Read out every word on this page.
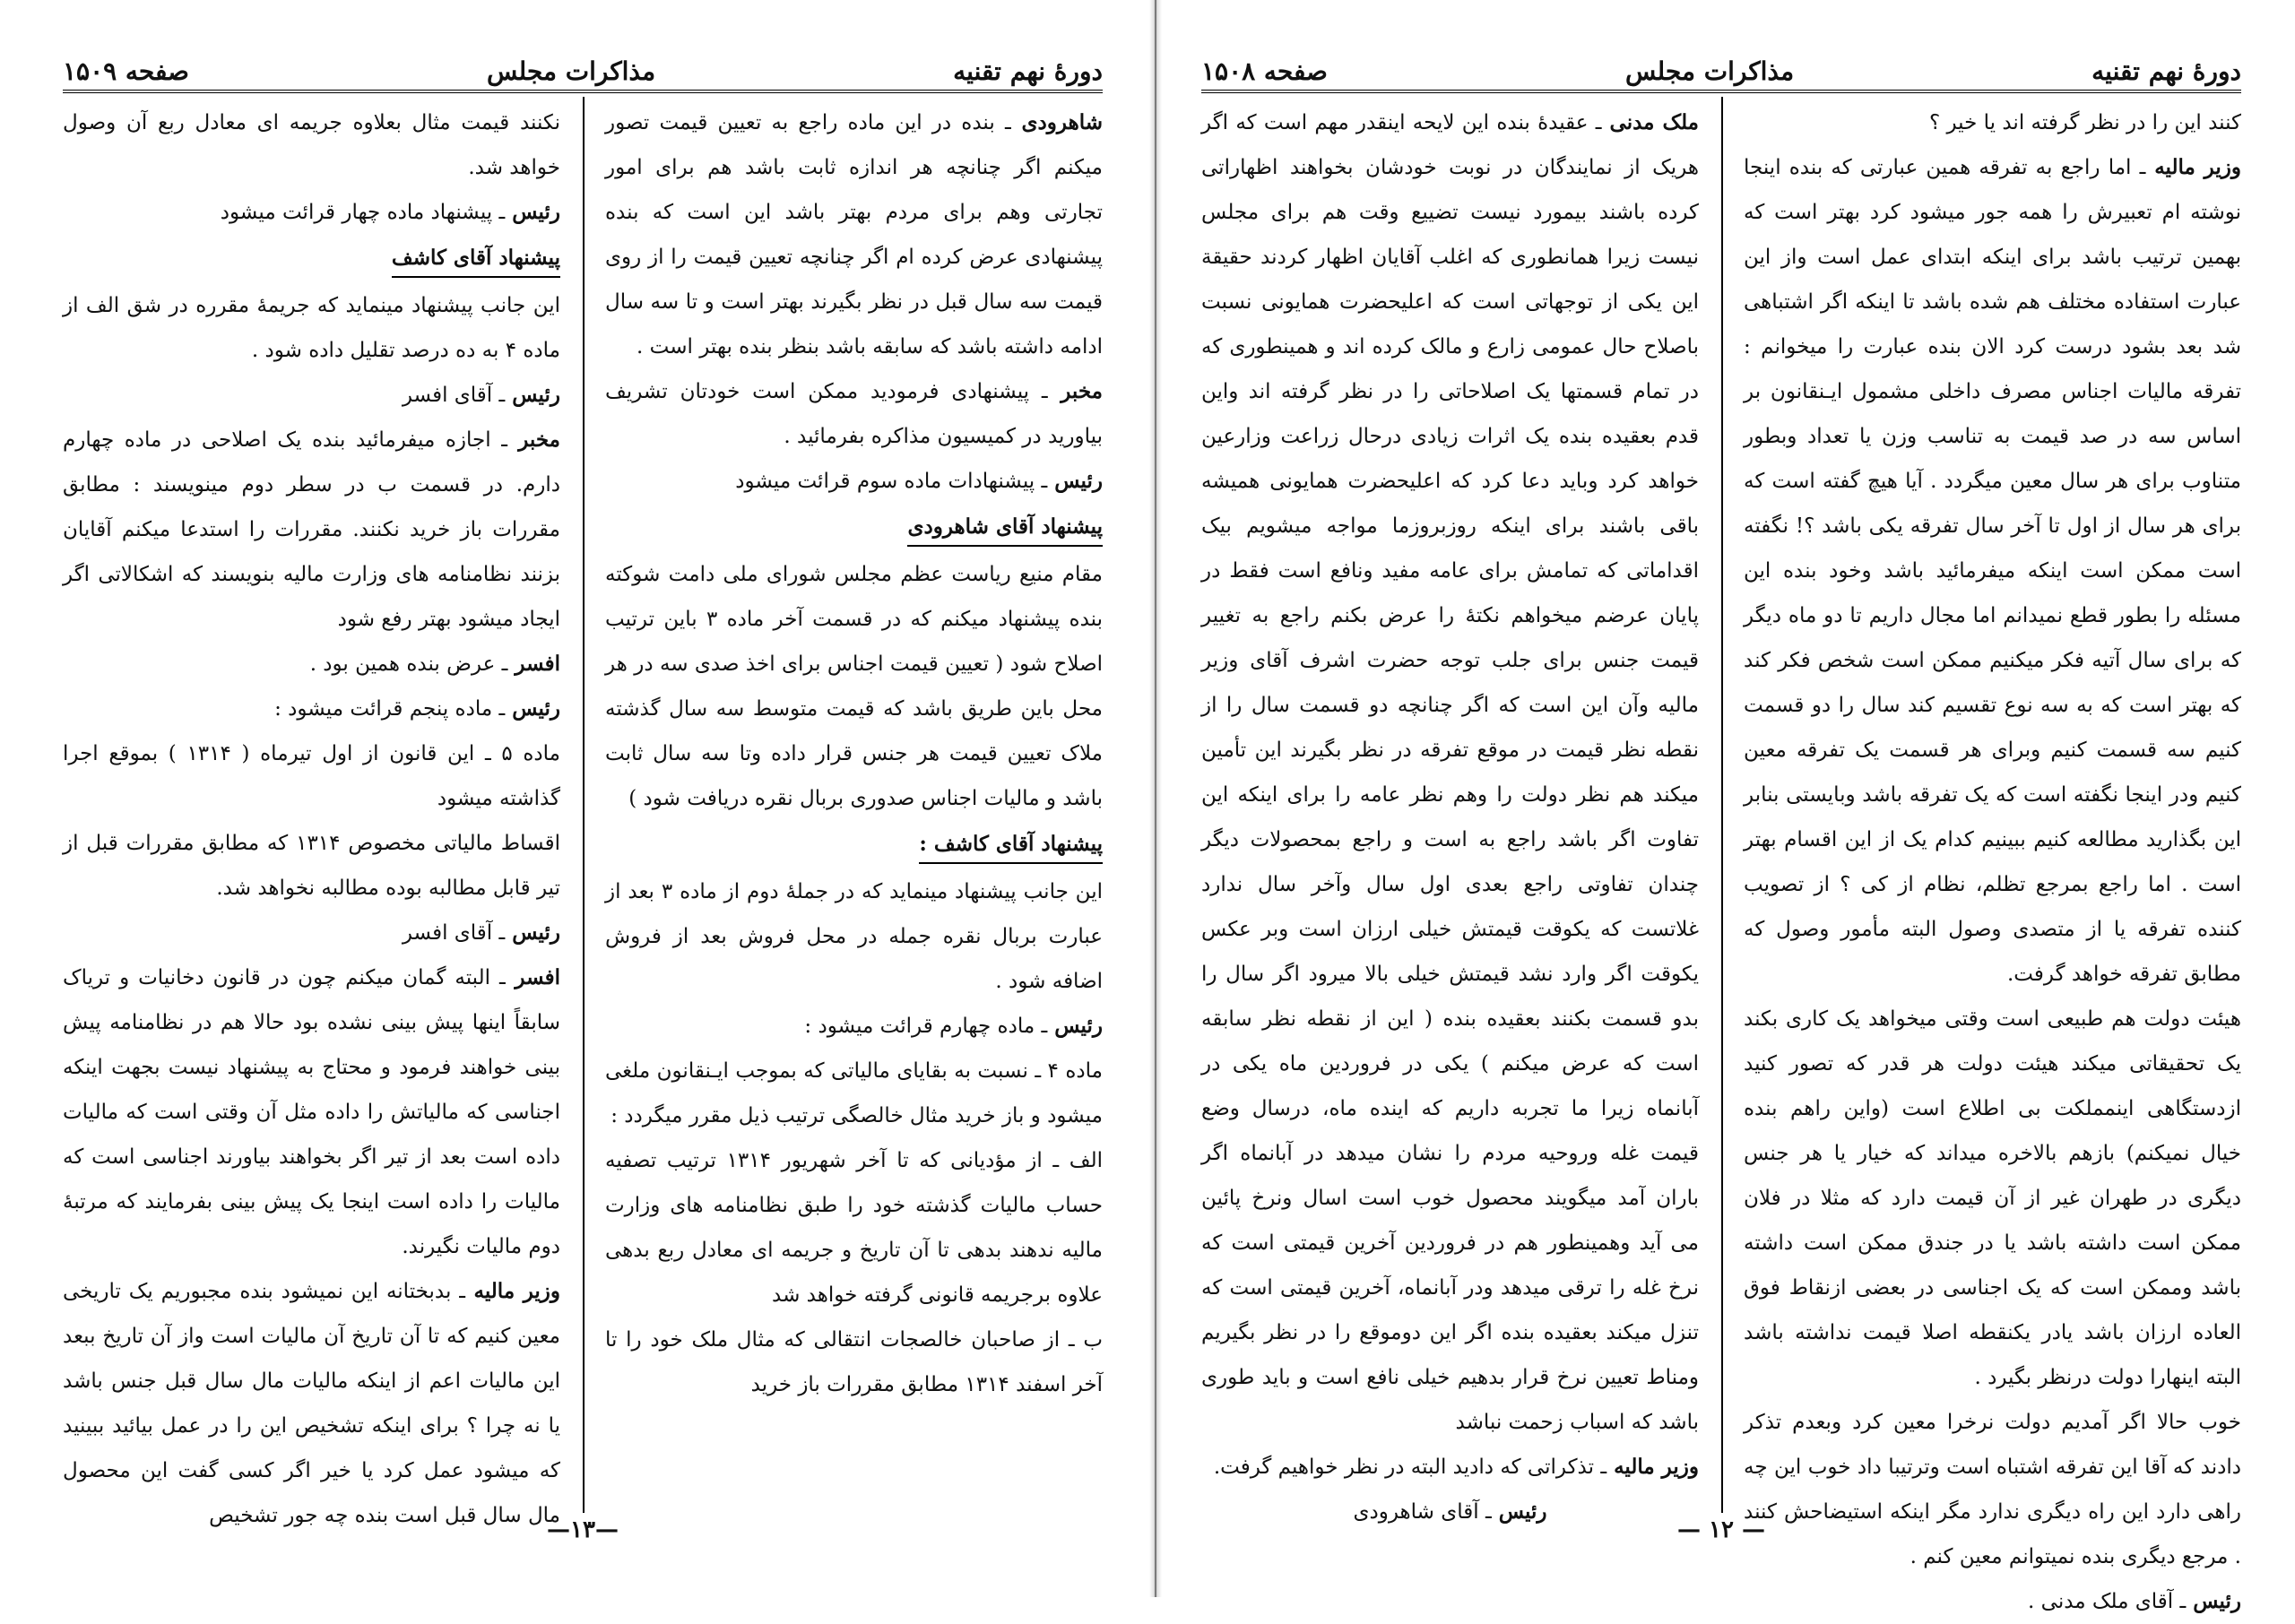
دورهٔ نهم تقنیه
مذاکرات مجلس
صفحه ۱۵۰۹

شاهرودی ـ بنده در این ماده راجع به تعیین قیمت تصور میکنم اگر چنانچه هر اندازه ثابت باشد هم برای امور تجارتی وهم برای مردم بهتر باشد این است که بنده پیشنهادی عرض کرده ام اگر چنانچه تعیین قیمت را از روی قیمت سه سال قبل در نظر بگیرند بهتر است و تا سه سال ادامه داشته باشد که سابقه باشد بنظر بنده بهتر است .

مخبر ـ پیشنهادی فرمودید ممکن است خودتان تشریف بیاورید در کمیسیون مذاکره بفرمائید .

رئیس ـ پیشنهادات ماده سوم قرائت میشود

پیشنهاد آقای شاهرودی

مقام منیع ریاست عظم مجلس شورای ملی دامت شوکته بنده پیشنهاد میکنم که در قسمت آخر ماده ۳ باین ترتیب اصلاح شود ( تعیین قیمت اجناس برای اخذ صدی سه در هر محل باین طریق باشد که قیمت متوسط سه سال گذشته ملاک تعیین قیمت هر جنس قرار داده وتا سه سال ثابت باشد و مالیات اجناس صدوری بربال نقره دریافت شود )

پیشنهاد آقای کاشف :

این جانب پیشنهاد مینماید که در جملهٔ دوم از ماده ۳ بعد از عبارت بربال نقره جمله در محل فروش بعد از فروش اضافه شود .

رئیس ـ ماده چهارم قرائت میشود :

ماده ۴ ـ نسبت به بقایای مالیاتی که بموجب ایـنقانون ملغی میشود و باز خرید مثال خالصگی ترتیب ذیل مقرر میگردد :

الف ـ از مؤدیانی که تا آخر شهریور ۱۳۱۴ ترتیب تصفیه حساب مالیات گذشته خود را طبق نظامنامه های وزارت مالیه ندهند بدهی تا آن تاریخ و جریمه ای معادل ربع بدهی علاوه برجریمه قانونی گرفته خواهد شد

ب ـ از صاحبان خالصجات انتقالی که مثال ملک خود را تا آخر اسفند ۱۳۱۴ مطابق مقررات باز خرید

نکنند قیمت مثال بعلاوه جریمه ای معادل ربع آن وصول خواهد شد.

رئیس ـ پیشنهاد ماده چهار قرائت میشود

پیشنهاد آقای کاشف

این جانب پیشنهاد مینماید که جریمهٔ مقرره در شق الف از ماده ۴ به ده درصد تقلیل داده شود .

رئیس ـ آقای افسر

مخبر ـ اجازه میفرمائید بنده یک اصلاحی در ماده چهارم دارم. در قسمت ب در سطر دوم مینویسند : مطابق مقررات باز خرید نکنند. مقررات را استدعا میکنم آقایان بزنند نظامنامه های وزارت مالیه بنویسند که اشکالاتی اگر ایجاد میشود بهتر رفع شود

افسر ـ عرض بنده همین بود .

رئیس ـ ماده پنجم قرائت میشود :

ماده ۵ ـ این قانون از اول تیرماه ( ۱۳۱۴ ) بموقع اجرا گذاشته میشود

اقساط مالیاتی مخصوص ۱۳۱۴ که مطابق مقررات قبل از تیر قابل مطالبه بوده مطالبه نخواهد شد.

رئیس ـ آقای افسر

افسر ـ البته گمان میکنم چون در قانون دخانیات و تریاک سابقاً اینها پیش بینی نشده بود حالا هم در نظامنامه پیش بینی خواهند فرمود و محتاج به پیشنهاد نیست بجهت اینکه اجناسی که مالیاتش را داده مثل آن وقتی است که مالیات داده است بعد از تیر اگر بخواهند بیاورند اجناسی است که مالیات را داده است اینجا یک پیش بینی بفرمایند که مرتبهٔ دوم مالیات نگیرند.

وزیر مالیه ـ بدبختانه این نمیشود بنده مجبوریم یک تاریخی معین کنیم که تا آن تاریخ آن مالیات است واز آن تاریخ ببعد این مالیات اعم از اینکه مالیات مال سال قبل جنس باشد یا نه چرا ؟ برای اینکه تشخیص این را در عمل بیائید ببینید که میشود عمل کرد یا خیر اگر کسی گفت این محصول مال سال قبل است بنده چه جور تشخیص

—١٣—
دورهٔ نهم تقنیه
مذاکرات مجلس
صفحه ۱۵۰۸

کنند این را در نظر گرفته اند یا خیر ؟

وزیر مالیه ـ اما راجع به تفرقه همین عبارتی که بنده اینجا نوشته ام تعبیرش را همه جور میشود کرد بهتر است که بهمین ترتیب باشد برای اینکه ابتدای عمل است واز این عبارت استفاده مختلف هم شده باشد تا اینکه اگر اشتباهی شد بعد بشود درست کرد الان بنده عبارت را میخوانم : تفرقه مالیات اجناس مصرف داخلی مشمول ایـنقانون بر اساس سه در صد قیمت به تناسب وزن یا تعداد وبطور متناوب برای هر سال معین میگردد . آیا هیچ گفته است که برای هر سال از اول تا آخر سال تفرقه یکی باشد ؟! نگفته است ممکن است اینکه میفرمائید باشد وخود بنده این مسئله را بطور قطع نمیدانم اما مجال داریم تا دو ماه دیگر که برای سال آتیه فکر میکنیم ممکن است شخص فکر کند که بهتر است که به سه نوع تقسیم کند سال را دو قسمت کنیم سه قسمت کنیم وبرای هر قسمت یک تفرقه معین کنیم ودر اینجا نگفته است که یک تفرقه باشد وبایستی بنابر این بگذارید مطالعه کنیم ببینیم کدام یک از این اقسام بهتر است . اما راجع بمرجع تظلم، نظام از کی ؟ از تصویب کننده تفرقه یا از متصدی وصول البته مأمور وصول که مطابق تفرقه خواهد گرفت.

هیئت دولت هم طبیعی است وقتی میخواهد یک کاری بکند یک تحقیقاتی میکند هیئت دولت هر قدر که تصور کنید ازدستگاهی اینمملکت بی اطلاع است (واین راهم بنده خیال نمیکنم) بازهم بالاخره میداند که خیار یا هر جنس دیگری در طهران غیر از آن قیمت دارد که مثلا در فلان ممکن است داشته باشد یا در جندق ممکن است داشته باشد وممکن است که یک اجناسی در بعضی ازنقاط فوق العاده ارزان باشد یادر یکنقطه اصلا قیمت نداشته باشد البته اینهارا دولت درنظر بگیرد .

خوب حالا اگر آمدیم دولت نرخرا معین کرد وبعدم تذکر دادند که آقا این تفرقه اشتباه است وترتیبا داد خوب این چه راهی دارد این راه دیگری ندارد مگر اینکه استیضاحش کنند . مرجع دیگری بنده نمیتوانم معین کنم .

رئیس ـ آقای ملک مدنی .

ملک مدنی ـ عقیدهٔ بنده این لایحه اینقدر مهم است که اگر هریک از نمایندگان در نوبت خودشان بخواهند اظهاراتی کرده باشند بیمورد نیست تضییع وقت هم برای مجلس نیست زیرا همانطوری که اغلب آقایان اظهار کردند حقیقة این یکی از توجهاتی است که اعلیحضرت همایونی نسبت باصلاح حال عمومی زارع و مالک کرده اند و همینطوری که در تمام قسمتها یک اصلاحاتی را در نظر گرفته اند واین قدم بعقیده بنده یک اثرات زیادی درحال زراعت وزارعین خواهد کرد وباید دعا کرد که اعلیحضرت همایونی همیشه باقی باشند برای اینکه روزبروزما مواجه میشویم بیک اقداماتی که تمامش برای عامه مفید ونافع است فقط در پایان عرضم میخواهم نکتهٔ را عرض بکنم راجع به تغییر قیمت جنس برای جلب توجه حضرت اشرف آقای وزیر مالیه وآن این است که اگر چنانچه دو قسمت سال را از نقطه نظر قیمت در موقع تفرقه در نظر بگیرند این تأمین میکند هم نظر دولت را وهم نظر عامه را برای اینکه این تفاوت اگر باشد راجع به است و راجع بمحصولات دیگر چندان تفاوتی راجع بعدی اول سال وآخر سال ندارد غلاتست که یکوقت قیمتش خیلی ارزان است وبر عکس یکوقت اگر وارد نشد قیمتش خیلی بالا میرود اگر سال را بدو قسمت بکنند بعقیده بنده ( این از نقطه نظر سابقه است که عرض میکنم ) یکی در فروردین ماه یکی در آبانماه زیرا ما تجربه داریم که اینده ماه، درسال وضع قیمت غله وروحیه مردم را نشان میدهد در آبانماه اگر باران آمد میگویند محصول خوب است اسال ونرخ پائین می آید وهمینطور هم در فروردین آخرین قیمتی است که نرخ غله را ترقی میدهد ودر آبانماه، آخرین قیمتی است که تنزل میکند بعقیده بنده اگر این دوموقع را در نظر بگیریم ومناط تعیین نرخ قرار بدهیم خیلی نافع است و باید طوری باشد که اسباب زحمت نباشد

وزیر مالیه ـ تذکراتی که دادید البته در نظر خواهیم گرفت.

رئیس ـ آقای شاهرودی

— ١٢ —
